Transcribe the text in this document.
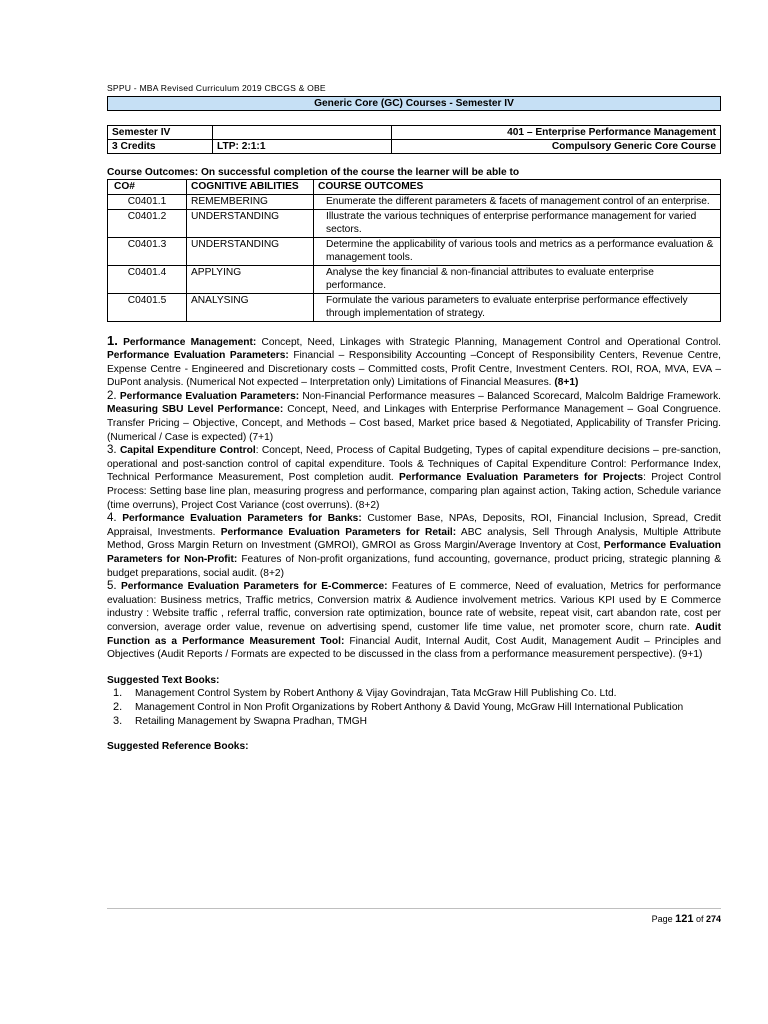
SPPU - MBA Revised Curriculum 2019 CBCGS & OBE
Generic Core (GC) Courses - Semester IV
Semester IV		401 – Enterprise Performance Management
3 Credits	LTP: 2:1:1	Compulsory Generic Core Course
Course Outcomes: On successful completion of the course the learner will be able to
CO#	COGNITIVE ABILITIES	COURSE OUTCOMES
C0401.1	REMEMBERING	Enumerate the different parameters & facets of management control of an enterprise.
C0401.2	UNDERSTANDING	Illustrate the various techniques of enterprise performance management for varied sectors.
C0401.3	UNDERSTANDING	Determine the applicability of various tools and metrics as a performance evaluation & management tools.
C0401.4	APPLYING	Analyse the key financial & non-financial attributes to evaluate enterprise performance.
C0401.5	ANALYSING	Formulate the various parameters to evaluate enterprise performance effectively through implementation of strategy.
1. Performance Management: Concept, Need, Linkages with Strategic Planning, Management Control and Operational Control. Performance Evaluation Parameters: Financial – Responsibility Accounting –Concept of Responsibility Centers, Revenue Centre, Expense Centre - Engineered and Discretionary costs – Committed costs, Profit Centre, Investment Centers. ROI, ROA, MVA, EVA – DuPont analysis. (Numerical Not expected – Interpretation only) Limitations of Financial Measures. (8+1)
2. Performance Evaluation Parameters: Non-Financial Performance measures – Balanced Scorecard, Malcolm Baldrige Framework. Measuring SBU Level Performance: Concept, Need, and Linkages with Enterprise Performance Management – Goal Congruence. Transfer Pricing – Objective, Concept, and Methods – Cost based, Market price based & Negotiated, Applicability of Transfer Pricing. (Numerical / Case is expected) (7+1)
3. Capital Expenditure Control: Concept, Need, Process of Capital Budgeting, Types of capital expenditure decisions – pre-sanction, operational and post-sanction control of capital expenditure. Tools & Techniques of Capital Expenditure Control: Performance Index, Technical Performance Measurement, Post completion audit. Performance Evaluation Parameters for Projects: Project Control Process: Setting base line plan, measuring progress and performance, comparing plan against action, Taking action, Schedule variance (time overruns), Project Cost Variance (cost overruns). (8+2)
4. Performance Evaluation Parameters for Banks: Customer Base, NPAs, Deposits, ROI, Financial Inclusion, Spread, Credit Appraisal, Investments. Performance Evaluation Parameters for Retail: ABC analysis, Sell Through Analysis, Multiple Attribute Method, Gross Margin Return on Investment (GMROI), GMROI as Gross Margin/Average Inventory at Cost, Performance Evaluation Parameters for Non-Profit: Features of Non-profit organizations, fund accounting, governance, product pricing, strategic planning & budget preparations, social audit. (8+2)
5. Performance Evaluation Parameters for E-Commerce: Features of E commerce, Need of evaluation, Metrics for performance evaluation: Business metrics, Traffic metrics, Conversion matrix & Audience involvement metrics. Various KPI used by E Commerce industry : Website traffic , referral traffic, conversion rate optimization, bounce rate of website, repeat visit, cart abandon rate, cost per conversion, average order value, revenue on advertising spend, customer life time value, net promoter score, churn rate. Audit Function as a Performance Measurement Tool: Financial Audit, Internal Audit, Cost Audit, Management Audit – Principles and Objectives (Audit Reports / Formats are expected to be discussed in the class from a performance measurement perspective). (9+1)
Suggested Text Books:
1.	Management Control System by Robert Anthony & Vijay Govindrajan, Tata McGraw Hill Publishing Co. Ltd.
2.	Management Control in Non Profit Organizations by Robert Anthony & David Young, McGraw Hill International Publication
3.	Retailing Management by Swapna Pradhan, TMGH
Suggested Reference Books:
Page 121 of 274
